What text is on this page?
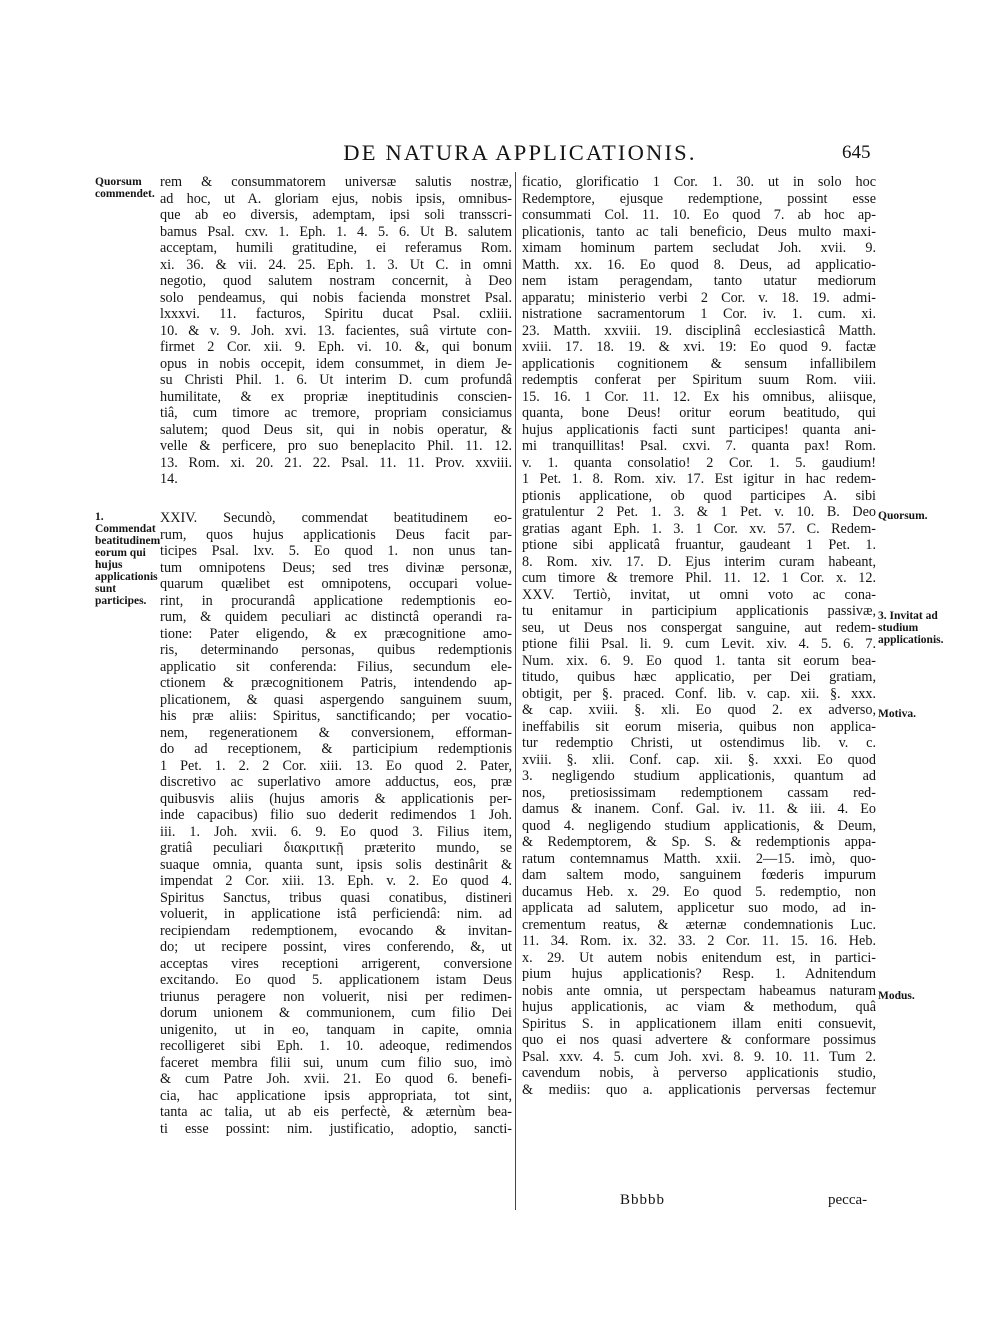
DE NATURA APPLICATIONIS.	645
rem & consummatorem universæ salutis nostræ,
ad hoc, ut A. gloriam ejus, nobis ipsis, omnibus-
que ab eo diversis, ademptam, ipsi soli transscri-
bamus Psal. cxv. 1. Eph. 1. 4. 5. 6. Ut B. salutem
acceptam, humili gratitudine, ei referamus Rom.
xi. 36. & vii. 24. 25. Eph. 1. 3. Ut C. in omni
negotio, quod salutem nostram concernit, à Deo
solo pendeamus, qui nobis facienda monstret Psal.
lxxxvi. 11. facturos, Spiritu ducat Psal. cxliii.
10. & v. 9. Joh. xvi. 13. facientes, suâ virtute con-
firmet 2 Cor. xii. 9. Eph. vi. 10. &, qui bonum
opus in nobis occepit, idem consummet, in diem Je-
su Christi Phil. 1. 6. Ut interim D. cum profundâ
humilitate, & ex propriæ ineptitudinis conscien-
tiâ, cum timore ac tremore, propriam consiciamus
salutem; quod Deus sit, qui in nobis operatur, &
velle & perficere, pro suo beneplacito Phil. 11. 12.
13. Rom. xi. 20. 21. 22. Psal. 11. 11. Prov. xxviii.
14.
XXIV. Secundò, commendat beatitudinem eo-
rum, quos hujus applicationis Deus facit par-
ticipes Psal. lxv. 5. Eo quod 1. non unus tan-
tum omnipotens Deus; sed tres divinæ personæ,
quarum quælibet est omnipotens, occupari volue-
rint, in procurandâ applicatione redemptionis eo-
rum, & quidem peculiari ac distinctâ operandi ra-
tione: Pater eligendo, & ex præcognitione amo-
ris, determinando personas, quibus redemptionis
applicatio sit conferenda: Filius, secundum ele-
ctionem & præcognitionem Patris, intendendo ap-
plicationem, & quasi aspergendo sanguinem suum,
his præ aliis: Spiritus, sanctificando; per vocatio-
nem, regenerationem & conversionem, efforman-
do ad receptionem, & participium redemptionis
1 Pet. 1. 2. 2 Cor. xiii. 13. Eo quod 2. Pater,
discretivo ac superlativo amore adductus, eos, præ
quibusvis aliis (hujus amoris & applicationis per-
inde capacibus) filio suo dederit redimendos 1 Joh.
iii. 1. Joh. xvii. 6. 9. Eo quod 3. Filius item,
gratiâ peculiari διακριτικῇ præterito mundo, se
suaque omnia, quanta sunt, ipsis solis destinârit &
impendat 2 Cor. xiii. 13. Eph. v. 2. Eo quod 4.
Spiritus Sanctus, tribus quasi conatibus, distineri
voluerit, in applicatione istâ perficiendâ: nim. ad
recipiendam redemptionem, evocando & invitan-
do; ut recipere possint, vires conferendo, &, ut
acceptas vires receptioni arrigerent, conversione
excitando. Eo quod 5. applicationem istam Deus
triunus peragere non voluerit, nisi per redimen-
dorum unionem & communionem, cum filio Dei
unigenito, ut in eo, tanquam in capite, omnia
recolligeret sibi Eph. 1. 10. adeoque, redimendos
faceret membra filii sui, unum cum filio suo, imò
& cum Patre Joh. xvii. 21. Eo quod 6. benefi-
cia, hac applicatione ipsis appropriata, tot sint,
tanta ac talia, ut ab eis perfectè, & æternùm bea-
ti esse possint: nim. justificatio, adoptio, sancti-
ficatio, glorificatio 1 Cor. 1. 30. ut in solo hoc
Redemptore, ejusque redemptione, possint esse
consummati Col. 11. 10. Eo quod 7. ab hoc ap-
plicationis, tanto ac tali beneficio, Deus multo maxi-
ximam hominum partem secludat Joh. xvii. 9.
Matth. xx. 16. Eo quod 8. Deus, ad applicatio-
nem istam peragendam, tanto utatur mediorum
apparatu; ministerio verbi 2 Cor. v. 18. 19. admi-
nistratione sacramentorum 1 Cor. iv. 1. cum. xi.
23. Matth. xxviii. 19. disciplinâ ecclesiasticâ Matth.
xviii. 17. 18. 19. & xvi. 19: Eo quod 9. factæ
applicationis cognitionem & sensum infallibilem
redemptis conferat per Spiritum suum Rom. viii.
15. 16. 1 Cor. 11. 12. Ex his omnibus, aliisque,
quanta, bone Deus! oritur eorum beatitudo, qui
hujus applicationis facti sunt participes! quanta ani-
mi tranquillitas! Psal. cxvi. 7. quanta pax! Rom.
v. 1. quanta consolatio! 2 Cor. 1. 5. gaudium!
1 Pet. 1. 8. Rom. xiv. 17. Est igitur in hac redem-
ptionis applicatione, ob quod participes A. sibi
gratulentur 2 Pet. 1. 3. & 1 Pet. v. 10. B. Deo
gratias agant Eph. 1. 3. 1 Cor. xv. 57. C. Redem-
ptione sibi applicatâ fruantur, gaudeant 1 Pet. 1.
8. Rom. xiv. 17. D. Ejus interim curam habeant,
cum timore & tremore Phil. 11. 12. 1 Cor. x. 12.
XXV. Tertiò, invitat, ut omni voto ac cona-
tu enitamur in participium applicationis passivæ,
seu, ut Deus nos conspergat sanguine, aut redem-
ptione filii Psal. li. 9. cum Levit. xiv. 4. 5. 6. 7.
Num. xix. 6. 9. Eo quod 1. tanta sit eorum bea-
titudo, quibus hæc applicatio, per Dei gratiam,
obtigit, per §. praced. Conf. lib. v. cap. xii. §. xxx.
& cap. xviii. §. xli. Eo quod 2. ex adverso,
ineffabilis sit eorum miseria, quibus non applica-
tur redemptio Christi, ut ostendimus lib. v. c.
xviii. §. xlii. Conf. cap. xii. §. xxxi. Eo quod
3. negligendo studium applicationis, quantum ad
nos, pretiosissimam redemptionem cassam red-
damus & inanem. Conf. Gal. iv. 11. & iii. 4. Eo
quod 4. negligendo studium applicationis, & Deum,
& Redemptorem, & Sp. S. & redemptionis appa-
ratum contemnamus Matth. xxii. 2—15. imò, quo-
dam saltem modo, sanguinem fœderis impurum
ducamus Heb. x. 29. Eo quod 5. redemptio, non
applicata ad salutem, applicetur suo modo, ad in-
crementum reatus, & æternæ condemnationis Luc.
11. 34. Rom. ix. 32. 33. 2 Cor. 11. 15. 16. Heb.
x. 29. Ut autem nobis enitendum est, in partici-
pium hujus applicationis? Resp. 1. Adnitendum
nobis ante omnia, ut perspectam habeamus naturam
hujus applicationis, ac viam & methodum, quâ
Spiritus S. in applicationem illam eniti consuevit,
quo ei nos quasi advertere & conformare possimus
Psal. xxv. 4. 5. cum Joh. xvi. 8. 9. 10. 11. Tum 2.
cavendum nobis, à perverso applicationis studio,
& mediis: quo a. applicationis perversas fectemur
Quorsum commendet.
1. Commendat beatitudinem eorum qui hujus applicationis sunt participes.
Quorsum.
3. Invitat ad studium applicationis.
Motiva.
Modus.
Bbbbb	pecca-
